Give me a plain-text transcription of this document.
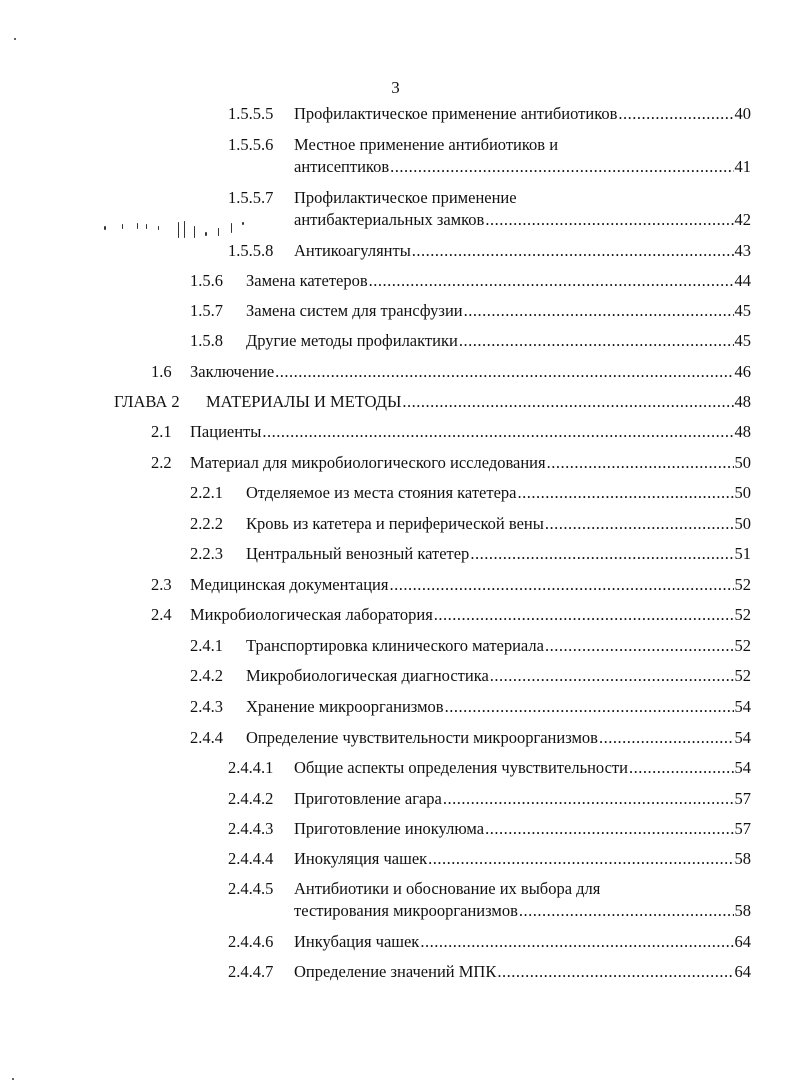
3
1.5.5.5 Профилактическое применение антибиотиков .....	40
1.5.5.6 Местное применение антибиотиков и
антисептиков .....	41
1.5.5.7 Профилактическое применение
антибактериальных замков .....	42
1.5.5.8 Антикоагулянты .....	43
1.5.6 Замена катетеров .....	44
1.5.7 Замена систем для трансфузии .....	45
1.5.8 Другие методы профилактики .....	45
1.6 Заключение .....	46
ГЛАВА 2 МАТЕРИАЛЫ И МЕТОДЫ .....	48
2.1 Пациенты .....	48
2.2 Материал для микробиологического исследования .....	50
2.2.1 Отделяемое из места стояния катетера .....	50
2.2.2 Кровь из катетера и периферической вены .....	50
2.2.3 Центральный венозный катетер .....	51
2.3 Медицинская документация .....	52
2.4 Микробиологическая лаборатория .....	52
2.4.1 Транспортировка клинического материала .....	52
2.4.2 Микробиологическая диагностика .....	52
2.4.3 Хранение микроорганизмов .....	54
2.4.4 Определение чувствительности микроорганизмов .....	54
2.4.4.1 Общие аспекты определения чувствительности .....	54
2.4.4.2 Приготовление агара .....	57
2.4.4.3 Приготовление инокулюма .....	57
2.4.4.4 Инокуляция чашек .....	58
2.4.4.5 Антибиотики и обоснование их выбора для
тестирования микроорганизмов .....	58
2.4.4.6 Инкубация чашек .....	64
2.4.4.7 Определение значений МПК .....	64
